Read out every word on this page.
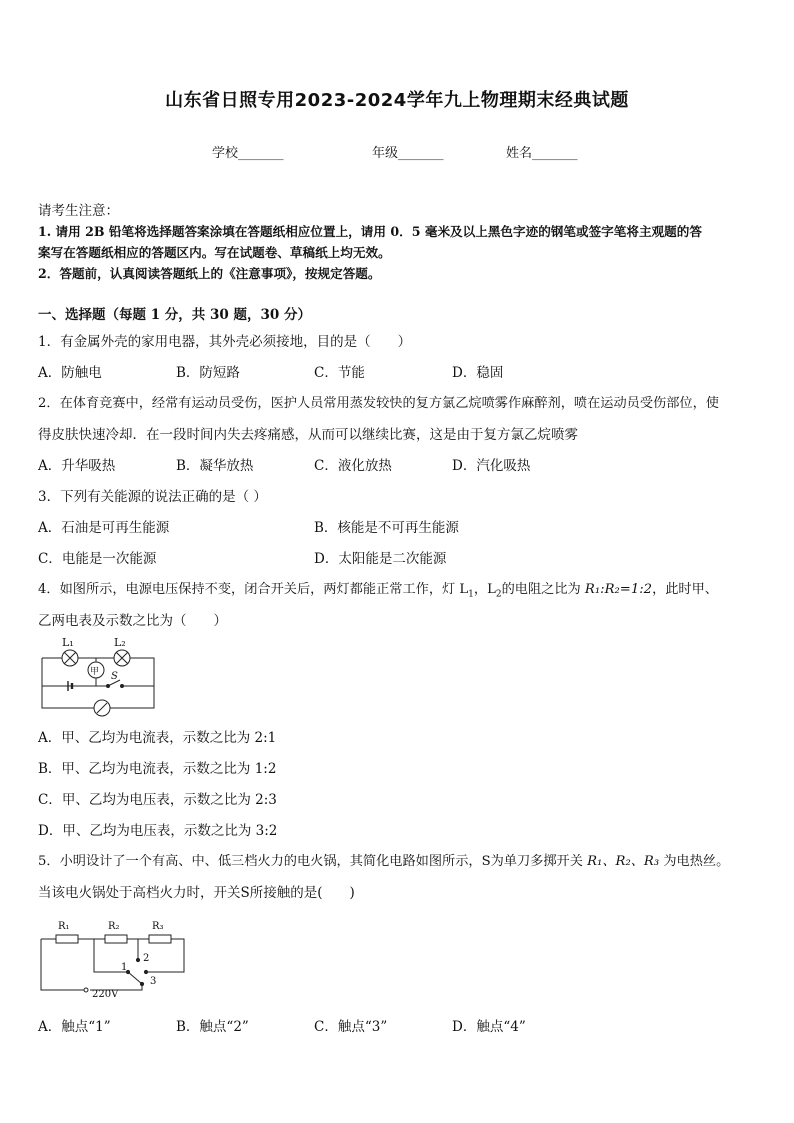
山东省日照专用2023-2024学年九上物理期末经典试题
学校_______	年级_______	姓名_______
请考生注意：
1. 请用 2B 铅笔将选择题答案涂填在答题纸相应位置上，请用 0．5 毫米及以上黑色字迹的钢笔或签字笔将主观题的答
案写在答题纸相应的答题区内。写在试题卷、草稿纸上均无效。
2．答题前，认真阅读答题纸上的《注意事项》，按规定答题。
一、选择题（每题 1 分，共 30 题，30 分）
1．有金属外壳的家用电器，其外壳必须接地，目的是（　　）
A．防触电	B．防短路	C．节能	D．稳固
2．在体育竞赛中，经常有运动员受伤，医护人员常用蒸发较快的复方氯乙烷喷雾作麻醉剂，喷在运动员受伤部位，使
得皮肤快速冷却．在一段时间内失去疼痛感，从而可以继续比赛，这是由于复方氯乙烷喷雾
A．升华吸热	B．凝华放热	C．液化放热	D．汽化吸热
3．下列有关能源的说法正确的是（ ）
A．石油是可再生能源	B．核能是不可再生能源
C．电能是一次能源	D．太阳能是二次能源
4．如图所示，电源电压保持不变，闭合开关后，两灯都能正常工作，灯 $L_1$，$L_2$的电阻之比为 R₁:R₂=1:2，此时甲、
乙两电表及示数之比为（　　）
L₁	L₂
甲 S
A．甲、乙均为电流表，示数之比为 2:1
B．甲、乙均为电流表，示数之比为 1:2
C．甲、乙均为电压表，示数之比为 2:3
D．甲、乙均为电压表，示数之比为 3:2
5．小明设计了一个有高、中、低三档火力的电火锅，其简化电路如图所示，S为单刀多掷开关 R₁、R₂、R₃ 为电热丝。
当该电火锅处于高档火力时，开关S所接触的是(　　)
R₁	R₂	R₃
1
2
3
220V
A．触点“1”	B．触点“2”	C．触点“3”	D．触点“4”
